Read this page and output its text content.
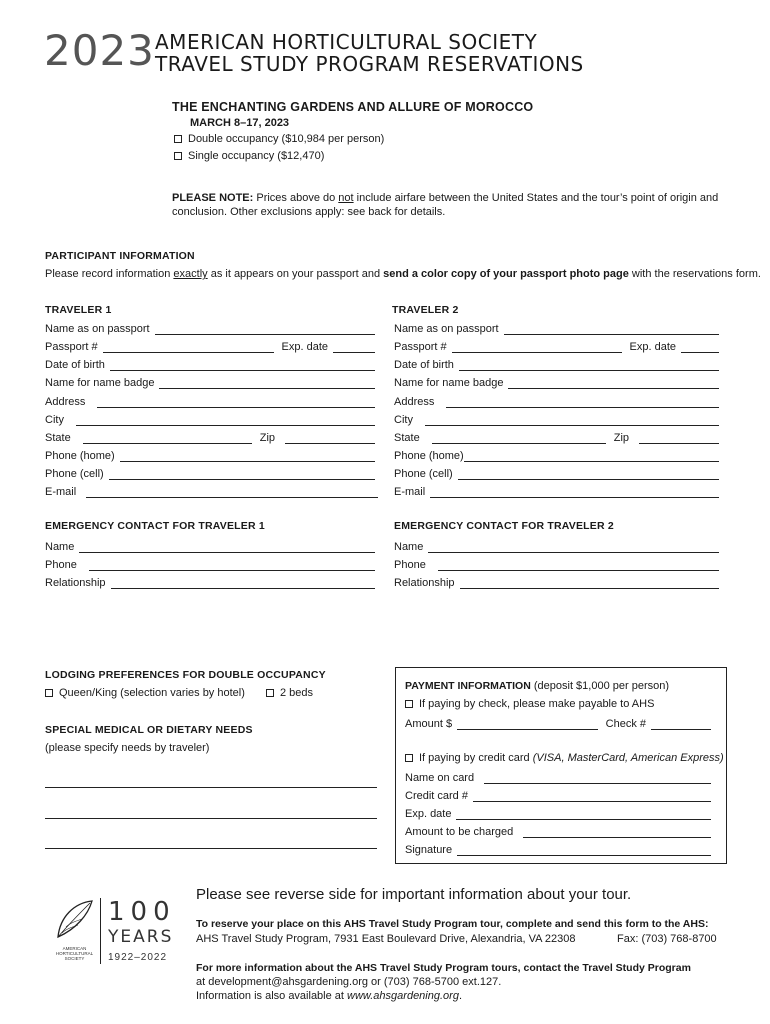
2023 AMERICAN HORTICULTURAL SOCIETY
TRAVEL STUDY PROGRAM RESERVATIONS
THE ENCHANTING GARDENS AND ALLURE OF MOROCCO
MARCH 8–17, 2023
Double occupancy ($10,984 per person)
Single occupancy ($12,470)
PLEASE NOTE: Prices above do not include airfare between the United States and the tour’s point of origin and conclusion. Other exclusions apply: see back for details.
PARTICIPANT INFORMATION
Please record information exactly as it appears on your passport and send a color copy of your passport photo page with the reservations form.
TRAVELER 1
Name as on passport
Passport #	Exp. date
Date of birth
Name for name badge
Address
City
State	Zip
Phone (home)
Phone (cell)
E-mail
TRAVELER 2
Name as on passport
Passport #	Exp. date
Date of birth
Name for name badge
Address
City
State	Zip
Phone (home)
Phone (cell)
E-mail
EMERGENCY CONTACT FOR TRAVELER 1
Name
Phone
Relationship
EMERGENCY CONTACT FOR TRAVELER 2
Name
Phone
Relationship
LODGING PREFERENCES FOR DOUBLE OCCUPANCY
Queen/King (selection varies by hotel)	2 beds
SPECIAL MEDICAL OR DIETARY NEEDS
(please specify needs by traveler)
PAYMENT INFORMATION (deposit $1,000 per person)
If paying by check, please make payable to AHS
Amount $	Check #
If paying by credit card (VISA, MasterCard, American Express)
Name on card
Credit card #
Exp. date
Amount to be charged
Signature
AMERICAN HORTICULTURAL SOCIETY
100
YEARS
1922–2022
Please see reverse side for important information about your tour.
To reserve your place on this AHS Travel Study Program tour, complete and send this form to the AHS:
AHS Travel Study Program, 7931 East Boulevard Drive, Alexandria, VA 22308	Fax: (703) 768-8700
For more information about the AHS Travel Study Program tours, contact the Travel Study Program
at development@ahsgardening.org or (703) 768-5700 ext.127.
Information is also available at www.ahsgardening.org.
